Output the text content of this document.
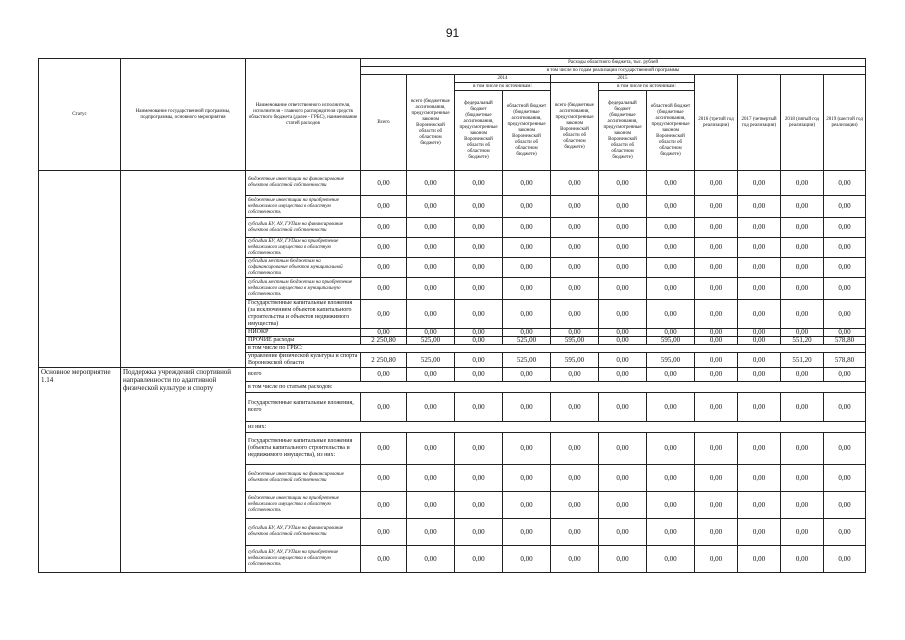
91
Статус	Наименование государственной программы, подпрограммы, основного мероприятия	Наименование ответственного исполнителя, исполнителя - главного распорядителя средств областного бюджета (далее - ГРБС), наименование статей расходов	Расходы областного бюджета, тыс. рублей										
			в том числе по годам реализации государственной программы										
			Всего	всего (бюджетные ассигнования, предусмотренные законом Воронежской области об областном бюджете)	2014		2015			2016 (третий год реализации)	2017 (четвертый год реализации)	2018 (пятый год реализации)	2019 (шестой год реализации)
					в том числе по источникам:		всего (бюджетные ассигнования, предусмотренные законом Воронежской области об областном бюджете)	в том числе по источникам:					
					федеральный бюджет (бюджетные ассигнования, предусмотренные законом Воронежской области об областном бюджете)	областной бюджет (бюджетные ассигнования, предусмотренные законом Воронежской области об областном бюджете)		федеральный бюджет (бюджетные ассигнования, предусмотренные законом Воронежской области об областном бюджете)	областной бюджет (бюджетные ассигнования, предусмотренные законом Воронежской области об областном бюджете)				
		бюджетные инвестиции на финансирование объектов областной собственности	0,00	0,00	0,00	0,00	0,00	0,00	0,00	0,00	0,00	0,00	0,00
		бюджетные инвестиции на приобретение недвижимого имущества в областную собственность	0,00	0,00	0,00	0,00	0,00	0,00	0,00	0,00	0,00	0,00	0,00
		субсидии БУ, АУ, ГУПам на финансирование объектов областной собственности	0,00	0,00	0,00	0,00	0,00	0,00	0,00	0,00	0,00	0,00	0,00
		субсидии БУ, АУ, ГУПам на приобретение недвижимого имущества в областную собственность	0,00	0,00	0,00	0,00	0,00	0,00	0,00	0,00	0,00	0,00	0,00
		субсидии местным бюджетам на софинансирование объектов муниципальной собственности	0,00	0,00	0,00	0,00	0,00	0,00	0,00	0,00	0,00	0,00	0,00
		субсидии местным бюджетам на приобретение недвижимого имущества в муниципальную собственность	0,00	0,00	0,00	0,00	0,00	0,00	0,00	0,00	0,00	0,00	0,00
		Государственные капитальные вложения (за исключением объектов капитального строительства и объектов недвижимого имущества)	0,00	0,00	0,00	0,00	0,00	0,00	0,00	0,00	0,00	0,00	0,00
		НИОКР	0,00	0,00	0,00	0,00	0,00	0,00	0,00	0,00	0,00	0,00	0,00
		ПРОЧИЕ расходы	2 250,80	525,00	0,00	525,00	595,00	0,00	595,00	0,00	0,00	551,20	578,80
		в том числе по ГРБС:											
		управление физической культуры и спорта Воронежской области	2 250,80	525,00	0,00	525,00	595,00	0,00	595,00	0,00	0,00	551,20	578,80
Основное мероприятие 1.14	Поддержка учреждений спортивной направленности по адаптивной физической культуре и спорту	всего	0,00	0,00	0,00	0,00	0,00	0,00	0,00	0,00	0,00	0,00	0,00
		в том числе по статьям расходов:											
		Государственные капитальные вложения, всего	0,00	0,00	0,00	0,00	0,00	0,00	0,00	0,00	0,00	0,00	0,00
		из них:											
		Государственные капитальные вложения (объекты капитального строительства и недвижимого имущества), из них:	0,00	0,00	0,00	0,00	0,00	0,00	0,00	0,00	0,00	0,00	0,00
		бюджетные инвестиции на финансирование объектов областной собственности	0,00	0,00	0,00	0,00	0,00	0,00	0,00	0,00	0,00	0,00	0,00
		бюджетные инвестиции на приобретение недвижимого имущества в областную собственность	0,00	0,00	0,00	0,00	0,00	0,00	0,00	0,00	0,00	0,00	0,00
		субсидии БУ, АУ, ГУПам на финансирование объектов областной собственности	0,00	0,00	0,00	0,00	0,00	0,00	0,00	0,00	0,00	0,00	0,00
		субсидии БУ, АУ, ГУПам на приобретение недвижимого имущества в областную собственность	0,00	0,00	0,00	0,00	0,00	0,00	0,00	0,00	0,00	0,00	0,00
